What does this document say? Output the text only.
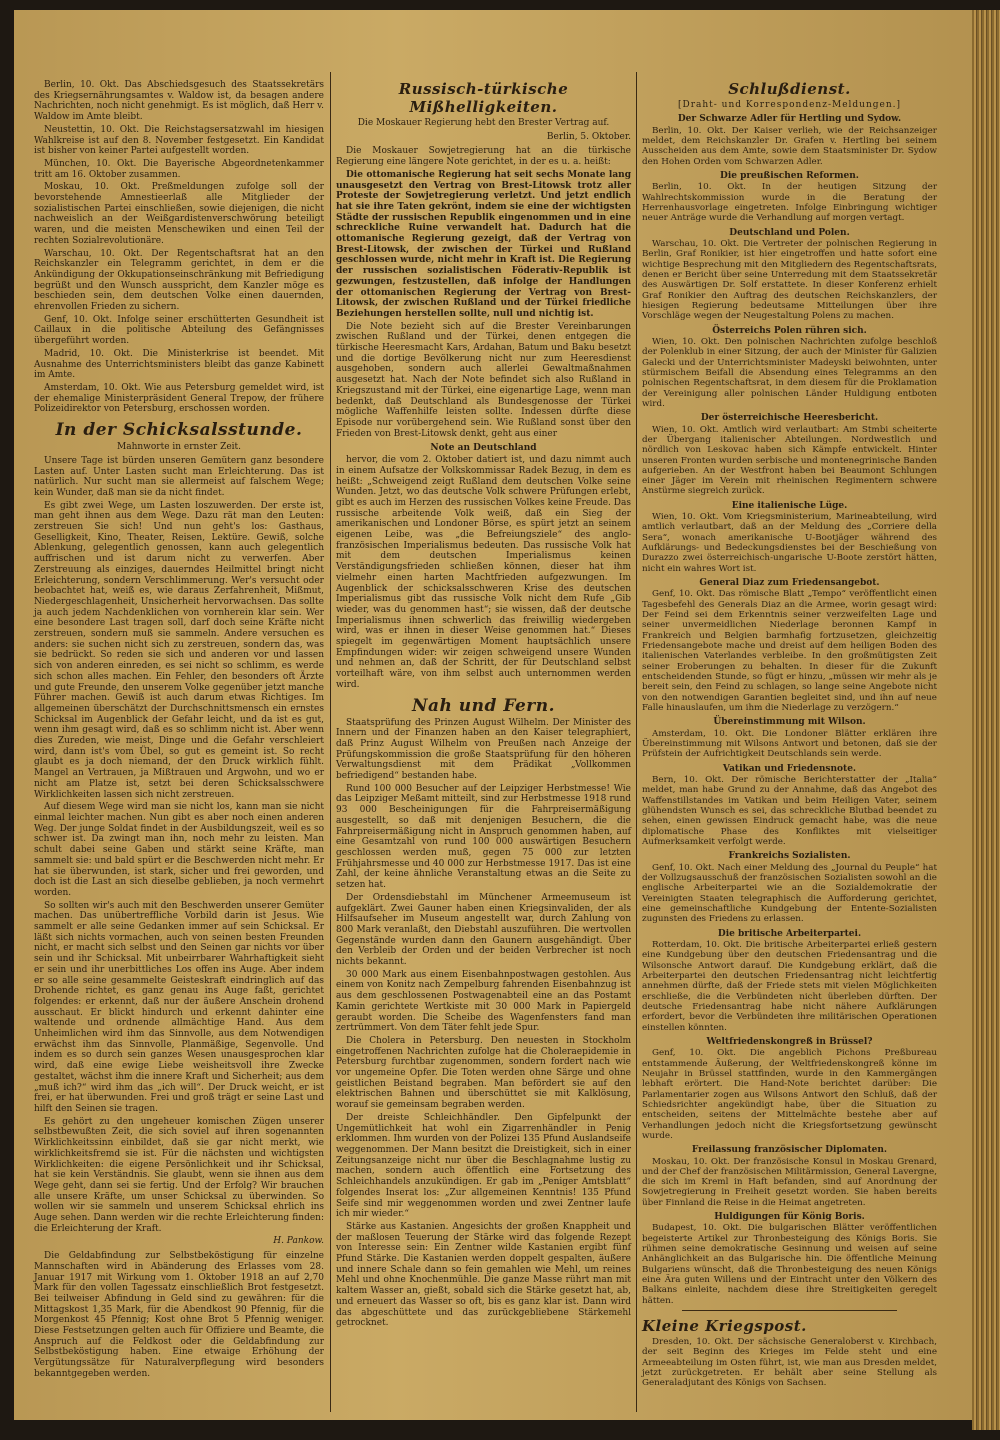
Berlin, 10. Okt. Das Abschiedsgesuch des Staatssekretärs des Kriegsernährungsamtes v. Waldow ist, da besagen andere Nachrichten, noch nicht genehmigt. Es ist möglich, daß Herr v. Waldow im Amte bleibt.

Neustettin, 10. Okt. Die Reichstagsersatzwahl im hiesigen Wahlkreise ist auf den 8. November festgesetzt. Ein Kandidat ist bisher von keiner Partei aufgestellt worden.

München, 10. Okt. Die Bayerische Abgeordnetenkammer tritt am 16. Oktober zusammen.

Moskau, 10. Okt. Preßmeldungen zufolge soll der bevorstehende Amnestieerlaß alle Mitglieder der sozialistischen Partei einschließen, sowie diejenigen, die nicht nachweislich an der Weißgardistenverschwörung beteiligt waren, und die meisten Menschewiken und einen Teil der rechten Sozialrevolutionäre.

Warschau, 10. Okt. Der Regentschaftsrat hat an den Reichskanzler ein Telegramm gerichtet, in dem er die Ankündigung der Okkupationseinschränkung mit Befriedigung begrüßt und den Wunsch ausspricht, dem Kanzler möge es beschieden sein, dem deutschen Volke einen dauernden, ehrenvollen Frieden zu sichern.

Genf, 10. Okt. Infolge seiner erschütterten Gesundheit ist Caillaux in die politische Abteilung des Gefängnisses übergeführt worden.

Madrid, 10. Okt. Die Ministerkrise ist beendet. Mit Ausnahme des Unterrichtsministers bleibt das ganze Kabinett im Amte.

Amsterdam, 10. Okt. Wie aus Petersburg gemeldet wird, ist der ehemalige Ministerpräsident General Trepow, der frühere Polizeidirektor von Petersburg, erschossen worden.

In der Schicksalsstunde.
Mahnworte in ernster Zeit.

Unsere Tage ist bürden unseren Gemütern ganz besondere Lasten auf. Unter Lasten sucht man Erleichterung. Das ist natürlich. Nur sucht man sie allermeist auf falschem Wege; kein Wunder, daß man sie da nicht findet.

Es gibt zwei Wege, um Lasten loszuwerden. Der erste ist, man geht ihnen aus dem Wege. Dazu rät man den Leuten: zerstreuen Sie sich! Und nun geht's los: Gasthaus, Geselligkeit, Kino, Theater, Reisen, Lektüre. Gewiß, solche Ablenkung, gelegentlich genossen, kann auch gelegentlich auffrischen und ist darum nicht zu verwerfen. Aber Zerstreuung als einziges, dauerndes Heilmittel bringt nicht Erleichterung, sondern Verschlimmerung. Wer's versucht oder beobachtet hat, weiß es, wie daraus Zerfahrenheit, Mißmut, Niedergeschlagenheit, Unsicherheit hervorwachsen. Das sollte ja auch jedem Nachdenklichen von vornherein klar sein. Wer eine besondere Last tragen soll, darf doch seine Kräfte nicht zerstreuen, sondern muß sie sammeln. Andere versuchen es anders: sie suchen nicht sich zu zerstreuen, sondern das, was sie bedrückt. So reden sie sich und anderen vor und lassen sich von anderen einreden, es sei nicht so schlimm, es werde sich schon alles machen. Ein Fehler, den besonders oft Ärzte und gute Freunde, den unserem Volke gegenüber jetzt manche Führer machen. Gewiß ist auch darum etwas Richtiges. Im allgemeinen überschätzt der Durchschnittsmensch ein ernstes Schicksal im Augenblick der Gefahr leicht, und da ist es gut, wenn ihm gesagt wird, daß es so schlimm nicht ist. Aber wenn dies Zureden, wie meist, Dinge und die Gefahr verschleiert wird, dann ist's vom Übel, so gut es gemeint ist. So recht glaubt es ja doch niemand, der den Druck wirklich fühlt. Mangel an Vertrauen, ja Mißtrauen und Argwohn, und wo er nicht am Platze ist, setzt bei deren Schicksalsschwere Wirklichkeiten lassen sich nicht zerstreuen.

Auf diesem Wege wird man sie nicht los, kann man sie nicht einmal leichter machen. Nun gibt es aber noch einen anderen Weg. Der junge Soldat findet in der Ausbildungszeit, weil es so schwer ist. Da zwingt man ihn, noch mehr zu leisten. Man schult dabei seine Gaben und stärkt seine Kräfte, man sammelt sie: und bald spürt er die Beschwerden nicht mehr. Er hat sie überwunden, ist stark, sicher und frei geworden, und doch ist die Last an sich dieselbe geblieben, ja noch vermehrt worden.

So sollten wir's auch mit den Beschwerden unserer Gemüter machen. Das unübertreffliche Vorbild darin ist Jesus. Wie sammelt er alle seine Gedanken immer auf sein Schicksal. Er läßt sich nichts vormachen, auch von seinen besten Freunden nicht, er macht sich selbst und den Seinen gar nichts vor über sein und ihr Schicksal. Mit unbeirrbarer Wahrhaftigkeit sieht er sein und ihr unerbittliches Los offen ins Auge. Aber indem er so alle seine gesammelte Geisteskraft eindringlich auf das Drohende richtet, es ganz genau ins Auge faßt, gerichtet folgendes: er erkennt, daß nur der äußere Anschein drohend ausschaut. Er blickt hindurch und erkennt dahinter eine waltende und ordnende allmächtige Hand. Aus dem Unheimlichen wird ihm das Sinnvolle, aus dem Notwendigen erwächst ihm das Sinnvolle, Planmäßige, Segenvolle. Und indem es so durch sein ganzes Wesen unausgesprochen klar wird, daß eine ewige Liebe weisheitsvoll ihre Zwecke gestaltet, wächst ihm die innere Kraft und Sicherheit; aus dem „muß ich?“ wird ihm das „ich will“. Der Druck weicht, er ist frei, er hat überwunden. Frei und groß trägt er seine Last und hilft den Seinen sie tragen.

Es gehört zu den ungeheuer komischen Zügen unserer selbstbewußten Zeit, die sich soviel auf ihren sogenannten Wirklichkeitssinn einbildet, daß sie gar nicht merkt, wie wirklichkeitsfremd sie ist. Für die nächsten und wichtigsten Wirklichkeiten: die eigene Persönlichkeit und ihr Schicksal, hat sie kein Verständnis. Sie glaubt, wenn sie ihnen aus dem Wege geht, dann sei sie fertig. Und der Erfolg? Wir brauchen alle unsere Kräfte, um unser Schicksal zu überwinden. So wollen wir sie sammeln und unserem Schicksal ehrlich ins Auge sehen. Dann werden wir die rechte Erleichterung finden: die Erleichterung der Kraft.

H. Pankow.

Die Geldabfindung zur Selbstbeköstigung für einzelne Mannschaften wird in Abänderung des Erlasses vom 28. Januar 1917 mit Wirkung vom 1. Oktober 1918 an auf 2,70 Mark für den vollen Tagessatz einschließlich Brot festgesetzt. Bei teilweiser Abfindung in Geld sind zu gewähren: für die Mittagskost 1,35 Mark, für die Abendkost 90 Pfennig, für die Morgenkost 45 Pfennig; Kost ohne Brot 5 Pfennig weniger. Diese Festsetzungen gelten auch für Offiziere und Beamte, die Anspruch auf die Feldkost oder die Geldabfindung zur Selbstbeköstigung haben. Eine etwaige Erhöhung der Vergütungssätze für Naturalverpflegung wird besonders bekanntgegeben werden.

Russisch-türkische Mißhelligkeiten.
Die Moskauer Regierung hebt den Brester Vertrag auf.
Berlin, 5. Oktober.

Die Moskauer Sowjetregierung hat an die türkische Regierung eine längere Note gerichtet, in der es u. a. heißt:

Die ottomanische Regierung hat seit sechs Monate lang unausgesetzt den Vertrag von Brest-Litowsk trotz aller Proteste der Sowjetregierung verletzt. Und jetzt endlich hat sie ihre Taten gekrönt, indem sie eine der wichtigsten Städte der russischen Republik eingenommen und in eine schreckliche Ruine verwandelt hat. Dadurch hat die ottomanische Regierung gezeigt, daß der Vertrag von Brest-Litowsk, der zwischen der Türkei und Rußland geschlossen wurde, nicht mehr in Kraft ist. Die Regierung der russischen sozialistischen Föderativ-Republik ist gezwungen, festzustellen, daß infolge der Handlungen der ottomanischen Regierung der Vertrag von Brest-Litowsk, der zwischen Rußland und der Türkei friedliche Beziehungen herstellen sollte, null und nichtig ist.

Die Note bezieht sich auf die Brester Vereinbarungen zwischen Rußland und der Türkei, denen entgegen die türkische Heeresmacht Kars, Ardahan, Batum und Baku besetzt und die dortige Bevölkerung nicht nur zum Heeresdienst ausgehoben, sondern auch allerlei Gewaltmaßnahmen ausgesetzt hat. Nach der Note befindet sich also Rußland in Kriegszustand mit der Türkei, eine eigenartige Lage, wenn man bedenkt, daß Deutschland als Bundesgenosse der Türkei mögliche Waffenhilfe leisten sollte. Indessen dürfte diese Episode nur vorübergehend sein. Wie Rußland sonst über den Frieden von Brest-Litowsk denkt, geht aus einer

Note an Deutschland

hervor, die vom 2. Oktober datiert ist, und dazu nimmt auch in einem Aufsatze der Volkskommissar Radek Bezug, in dem es heißt: „Schweigend zeigt Rußland dem deutschen Volke seine Wunden. Jetzt, wo das deutsche Volk schwere Prüfungen erlebt, gibt es auch im Herzen des russischen Volkes keine Freude. Das russische arbeitende Volk weiß, daß ein Sieg der amerikanischen und Londoner Börse, es spürt jetzt an seinem eigenen Leibe, was „die Befreiungsziele“ des anglo-französischen Imperialismus bedeuten. Das russische Volk hat mit dem deutschen Imperialismus keinen Verständigungsfrieden schließen können, dieser hat ihm vielmehr einen harten Machtfrieden aufgezwungen. Im Augenblick der schicksalsschweren Krise des deutschen Imperialismus gibt das russische Volk nicht dem Rufe „Gib wieder, was du genommen hast“; sie wissen, daß der deutsche Imperialismus ihnen schwerlich das freiwillig wiedergeben wird, was er ihnen in dieser Weise genommen hat.“ Dieses spiegelt im gegenwärtigen Moment hauptsächlich unsere Empfindungen wider: wir zeigen schweigend unsere Wunden und nehmen an, daß der Schritt, der für Deutschland selbst vorteilhaft wäre, von ihm selbst auch unternommen werden wird.

Nah und Fern.

Staatsprüfung des Prinzen August Wilhelm. Der Minister des Innern und der Finanzen haben an den Kaiser telegraphiert, daß Prinz August Wilhelm von Preußen nach Anzeige der Prüfungskommission die große Staatsprüfung für den höheren Verwaltungsdienst mit dem Prädikat „Vollkommen befriedigend“ bestanden habe.

Rund 100 000 Besucher auf der Leipziger Herbstmesse! Wie das Leipziger Meßamt mitteilt, sind zur Herbstmesse 1918 rund 93 000 Bescheinigungen für die Fahrpreisermäßigung ausgestellt, so daß mit denjenigen Besuchern, die die Fahrpreisermäßigung nicht in Anspruch genommen haben, auf eine Gesamtzahl von rund 100 000 auswärtigen Besuchern geschlossen werden muß, gegen 75 000 zur letzten Frühjahrsmesse und 40 000 zur Herbstmesse 1917. Das ist eine Zahl, der keine ähnliche Veranstaltung etwas an die Seite zu setzen hat.

Der Ordensdiebstahl im Münchener Armeemuseum ist aufgeklärt. Zwei Gauner haben einen Kriegsinvaliden, der als Hilfsaufseher im Museum angestellt war, durch Zahlung von 800 Mark veranlaßt, den Diebstahl auszuführen. Die wertvollen Gegenstände wurden dann den Gaunern ausgehändigt. Über den Verbleib der Orden und der beiden Verbrecher ist noch nichts bekannt.

30 000 Mark aus einem Eisenbahnpostwagen gestohlen. Aus einem von Konitz nach Zempelburg fahrenden Eisenbahnzug ist aus dem geschlossenen Postwagenabteil eine an das Postamt Kamin gerichtete Wertkiste mit 30 000 Mark in Papiergeld geraubt worden. Die Scheibe des Wagenfensters fand man zertrümmert. Von dem Täter fehlt jede Spur.

Die Cholera in Petersburg. Den neuesten in Stockholm eingetroffenen Nachrichten zufolge hat die Choleraepidemie in Petersburg furchtbar zugenommen, sondern fordert nach wie vor ungemeine Opfer. Die Toten werden ohne Särge und ohne geistlichen Beistand begraben. Man befördert sie auf den elektrischen Bahnen und überschüttet sie mit Kalklösung, worauf sie gemeinsam begraben werden.

Der dreiste Schleichhändler. Den Gipfelpunkt der Ungemütlichkeit hat wohl ein Zigarrenhändler in Penig erklommen. Ihm wurden von der Polizei 135 Pfund Auslandseife weggenommen. Der Mann besitzt die Dreistigkeit, sich in einer Zeitungsanzeige nicht nur über die Beschlagnahme lustig zu machen, sondern auch öffentlich eine Fortsetzung des Schleichhandels anzukündigen. Er gab im „Peniger Amtsblatt“ folgendes Inserat los: „Zur allgemeinen Kenntnis! 135 Pfund Seife sind mir weggenommen worden und zwei Zentner laufe ich mir wieder.“

Stärke aus Kastanien. Angesichts der großen Knappheit und der maßlosen Teuerung der Stärke wird das folgende Rezept von Interesse sein: Ein Zentner wilde Kastanien ergibt fünf Pfund Stärke. Die Kastanien werden doppelt gespalten, äußere und innere Schale dann so fein gemahlen wie Mehl, um reines Mehl und ohne Knochenmühle. Die ganze Masse rührt man mit kaltem Wasser an, gießt, sobald sich die Stärke gesetzt hat, ab, und erneuert das Wasser so oft, bis es ganz klar ist. Dann wird das abgeschüttete und das zurückgebliebene Stärkemehl getrocknet.

Schlußdienst.
[Draht- und Korrespondenz-Meldungen.]
Der Schwarze Adler für Hertling und Sydow.

Berlin, 10. Okt. Der Kaiser verlieh, wie der Reichsanzeiger meldet, dem Reichskanzler Dr. Grafen v. Hertling bei seinem Ausscheiden aus dem Amte, sowie dem Staatsminister Dr. Sydow den Hohen Orden vom Schwarzen Adler.

Die preußischen Reformen.

Berlin, 10. Okt. In der heutigen Sitzung der Wahlrechtskommission wurde in die Beratung der Herrenhausvorlage eingetreten. Infolge Einbringung wichtiger neuer Anträge wurde die Verhandlung auf morgen vertagt.

Deutschland und Polen.

Warschau, 10. Okt. Die Vertreter der polnischen Regierung in Berlin, Graf Ronikier, ist hier eingetroffen und hatte sofort eine wichtige Besprechung mit den Mitgliedern des Regentschaftsrats, denen er Bericht über seine Unterredung mit dem Staatssekretär des Auswärtigen Dr. Solf erstattete. In dieser Konferenz erhielt Graf Ronikier den Auftrag des deutschen Reichskanzlers, der hiesigen Regierung bedeutsame Mitteilungen über ihre Vorschläge wegen der Neugestaltung Polens zu machen.

Österreichs Polen rühren sich.

Wien, 10. Okt. Den polnischen Nachrichten zufolge beschloß der Polenklub in einer Sitzung, der auch der Minister für Galizien Galecki und der Unterrichtsminister Madeyski beiwohnten, unter stürmischem Beifall die Absendung eines Telegramms an den polnischen Regentschaftsrat, in dem diesem für die Proklamation der Vereinigung aller polnischen Länder Huldigung entboten wird.

Der österreichische Heeresbericht.

Wien, 10. Okt. Amtlich wird verlautbart: Am Stmbi scheiterte der Übergang italienischer Abteilungen. Nordwestlich und nördlich von Leskovac haben sich Kämpfe entwickelt. Hinter unseren Fronten wurden serbische und montenegrinische Banden aufgerieben. An der Westfront haben bei Beaumont Schlungen einer Jäger im Verein mit rheinischen Regimentern schwere Anstürme siegreich zurück.

Eine italienische Lüge.

Wien, 10. Okt. Vom Kriegsministerium, Marineabteilung, wird amtlich verlautbart, daß an der Meldung des „Corriere della Sera“, wonach amerikanische U-Bootjäger während des Aufklärungs- und Bedeckungsdienstes bei der Beschießung von Durazzo zwei österreichisch-ungarische U-Boote zerstört hätten, nicht ein wahres Wort ist.

General Diaz zum Friedensangebot.

Genf, 10. Okt. Das römische Blatt „Tempo“ veröffentlicht einen Tagesbefehl des Generals Diaz an die Armee, worin gesagt wird: Der Feind sei dem Erkenntnis seiner verzweifelten Lage und seiner unvermeidlichen Niederlage beronnen Kampf in Frankreich und Belgien barmhafig fortzusetzen, gleichzeitig Friedensangebote mache und dreist auf dem heiligen Boden des italienischen Vaterlandes verbleibe. In den großmütigsten Zeit seiner Eroberungen zu behalten. In dieser für die Zukunft entscheidenden Stunde, so fügt er hinzu, „müssen wir mehr als je bereit sein, den Feind zu schlagen, so lange seine Angebote nicht von den notwendigen Garantien begleitet sind, und ihn auf neue Falle hinauslaufen, um ihm die Niederlage zu verzögern.“

Übereinstimmung mit Wilson.

Amsterdam, 10. Okt. Die Londoner Blätter erklären ihre Übereinstimmung mit Wilsons Antwort und betonen, daß sie der Prüfstein der Aufrichtigkeit Deutschlands sein werde.

Vatikan und Friedensnote.

Bern, 10. Okt. Der römische Berichterstatter der „Italia“ meldet, man habe Grund zu der Annahme, daß das Angebot des Waffenstillstandes im Vatikan und beim Heiligen Vater, seinem glühendsten Wunsch es sei, das schreckliche Blutbad beendet zu sehen, einen gewissen Eindruck gemacht habe, was die neue diplomatische Phase des Konfliktes mit vielseitiger Aufmerksamkeit verfolgt werde.

Frankreichs Sozialisten.

Genf, 10. Okt. Nach einer Meldung des „Journal du Peuple“ hat der Vollzugsausschuß der französischen Sozialisten sowohl an die englische Arbeiterpartei wie an die Sozialdemokratie der Vereinigten Staaten telegraphisch die Aufforderung gerichtet, eine gemeinschaftliche Kundgebung der Entente-Sozialisten zugunsten des Friedens zu erlassen.

Die britische Arbeiterpartei.

Rotterdam, 10. Okt. Die britische Arbeiterpartei erließ gestern eine Kundgebung über den deutschen Friedensantrag und die Wilsonsche Antwort darauf. Die Kundgebung erklärt, daß die Arbeiterpartei den deutschen Friedensantrag nicht leichtfertig annehmen dürfte, daß der Friede stets mit vielen Möglichkeiten erschließe, die die Verbündeten nicht überleben dürften. Der deutsche Friedensantrag habe nicht nähere Aufklärungen erfordert, bevor die Verbündeten ihre militärischen Operationen einstellen könnten.

Weltfriedenskongreß in Brüssel?

Genf, 10. Okt. Die angeblich Pichons Preßbureau entstammende Äußerung, der Weltfriedenskongreß könne im Neujahr in Brüssel stattfinden, wurde in den Kammergängen lebhaft erörtert. Die Hand-Note berichtet darüber: Die Parlamentarier zogen aus Wilsons Antwort den Schluß, daß der Schiedsrichter angekündigt habe, über die Situation zu entscheiden, seitens der Mittelmächte bestehe aber auf Verhandlungen jedoch nicht die Kriegsfortsetzung gewünscht wurde.

Freilassung französischer Diplomaten.

Moskau, 10. Okt. Der französische Konsul in Moskau Grenard, und der Chef der französischen Militärmission, General Lavergne, die sich im Kreml in Haft befanden, sind auf Anordnung der Sowjetregierung in Freiheit gesetzt worden. Sie haben bereits über Finnland die Reise in die Heimat angetreten.

Huldigungen für König Boris.

Budapest, 10. Okt. Die bulgarischen Blätter veröffentlichen begeisterte Artikel zur Thronbesteigung des Königs Boris. Sie rühmen seine demokratische Gesinnung und weisen auf seine Anhänglichkeit an das Bulgarische hin. Die öffentliche Meinung Bulgariens wünscht, daß die Thronbesteigung des neuen Königs eine Ära guten Willens und der Eintracht unter den Völkern des Balkans einleite, nachdem diese ihre Streitigkeiten geregelt hätten.

Kleine Kriegspost.

Dresden, 10. Okt. Der sächsische Generaloberst v. Kirchbach, der seit Beginn des Krieges im Felde steht und eine Armeeabteilung im Osten führt, ist, wie man aus Dresden meldet, jetzt zurückgetreten. Er behält aber seine Stellung als Generaladjutant des Königs von Sachsen.
